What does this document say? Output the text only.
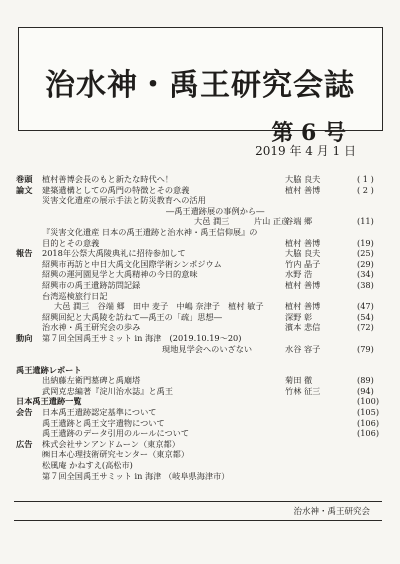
治水神・禹王研究会誌
第 6 号
2019 年 4 月 1 日
巻頭 植村善博会長のもと新たな時代へ！	大脇 良夫	( 1 )
論文 建築遺構としての禹門の特徴とその意義	植村 善博	( 2 )
災害文化遺産の展示手法と防災教育への活用
―禹王遺跡展の事例から―
大邑 潤三　　　片山 正彦
谷端 郷	(11)
『災害文化遺産 日本の禹王遺跡と治水神・禹王信仰展』の
目的とその意義	植村 善博	(19)
報告 2018年公祭大禹陵典礼に招待参加して	大脇 良夫	(25)
紹興市再訪と中日大禹文化国際学術シンポジウム	竹内 晶子	(29)
紹興の運河園見学と大禹精神の今日的意味	水野 浩	(34)
紹興市の禹王遺跡訪問記録	植村 善博	(38)
台湾巡検旅行日記
大邑 潤三　谷端 郷　田中 麦子　中嶋 奈津子　植村 敏子	植村 善博	(47)
紹興回紀と大禹陵を訪ねて―禹王の「疏」思想―	深野 彰	(54)
治水神・禹王研究会の歩み	濱本 悲信	(72)
動向 第７回全国禹王サミット in 海津　(2019.10.19～20)
現地見学会へのいざない	水谷 容子	(79)
禹王遺跡レポート
出納藤左衛門墓碑と禹廟塔	菊田 徹	(89)
武岡克忠編著『淀川治水誌』と禹王	竹林 征三	(94)
日本禹王遺跡一覧	(100)
会告 日本禹王遺跡認定基準について	(105)
禹王遺跡と禹王文字遺物について	(106)
禹王遺跡のデータ引用のルールについて	(106)
広告 株式会社サンアンドムーン（東京都）
㈱日本心理技術研究センター（東京都）
松風庵 かねすえ(高松市)
第７回全国禹王サミット in 海津 （岐阜県海津市）
治水神・禹王研究会
